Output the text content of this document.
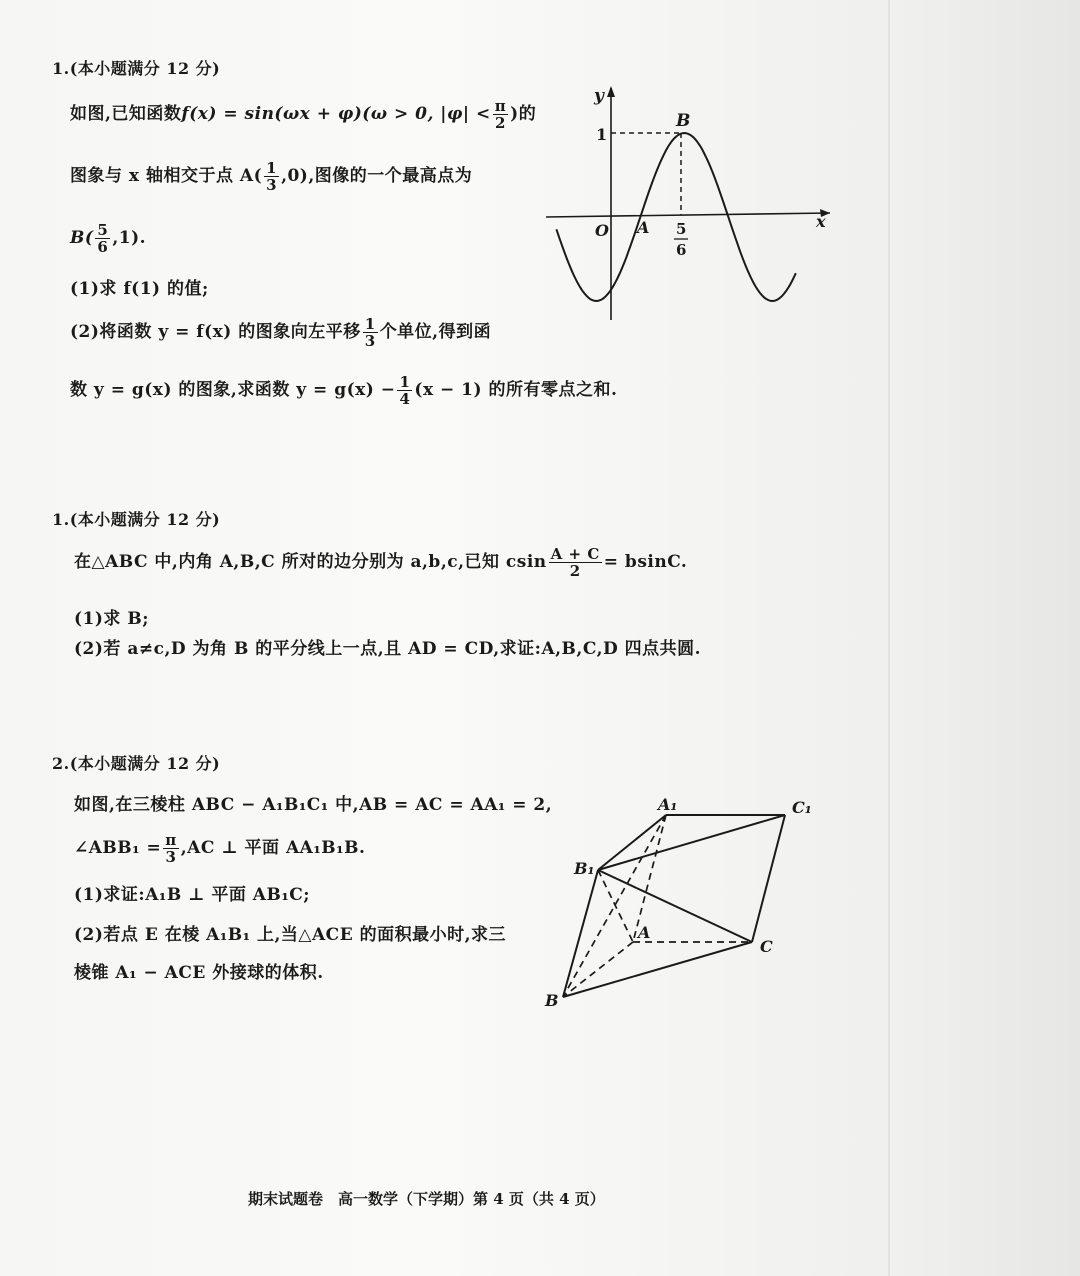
1.(本小题满分 12 分)
如图,已知函数f(x) = sin(ωx + φ)(ω > 0, $|\varphi| < \frac{\pi}{2}$ )的
图象与 x 轴相交于点 $A( \frac{1}{3} ,0)$,图像的一个最高点为
$B( \frac{5}{6} ,1)$.
(1)求 f(1) 的值;
(2)将函数 y = f(x) 的图象向左平移 $\frac{1}{3}$ 个单位,得到函
数 y = g(x) 的图象,求函数 $y = g(x) - \frac{1}{4} (x - 1)$ 的所有零点之和.
y
x
O A
B
1
5
6
1.(本小题满分 12 分)
在△ABC 中,内角 A,B,C 所对的边分别为 a,b,c,已知 csin $\frac{A + C}{2} = bsinC$.
(1)求 B;
(2)若 a≠c,D 为角 B 的平分线上一点,且 AD = CD,求证:A,B,C,D 四点共圆.
2.(本小题满分 12 分)
如图,在三棱柱 ABC − A₁B₁C₁ 中,AB = AC = AA₁ = 2,
∠ABB₁ = $\frac{\pi}{3} ,AC$ ⊥ 平面 AA₁B₁B.
(1)求证:A₁B ⊥ 平面 AB₁C;
(2)若点 E 在棱 A₁B₁ 上,当△ACE 的面积最小时,求三
棱锥 A₁ − ACE 外接球的体积.
A₁	C₁
B₁
A
C
B
期末试题卷　高一数学（下学期）第 4 页（共 4 页）
